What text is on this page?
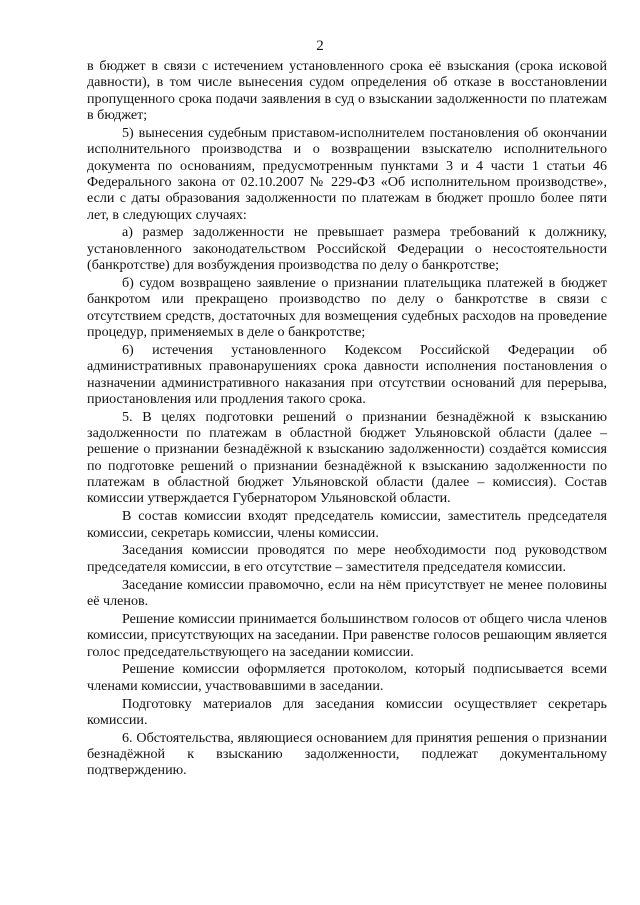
2

в бюджет в связи с истечением установленного срока её взыскания (срока исковой давности), в том числе вынесения судом определения об отказе в восстановлении пропущенного срока подачи заявления в суд о взыскании задолженности по платежам в бюджет;

5) вынесения судебным приставом-исполнителем постановления об окончании исполнительного производства и о возвращении взыскателю исполнительного документа по основаниям, предусмотренным пунктами 3 и 4 части 1 статьи 46 Федерального закона от 02.10.2007 № 229-ФЗ «Об исполнительном производстве», если с даты образования задолженности по платежам в бюджет прошло более пяти лет, в следующих случаях:

а) размер задолженности не превышает размера требований к должнику, установленного законодательством Российской Федерации о несостоятельности (банкротстве) для возбуждения производства по делу о банкротстве;

б) судом возвращено заявление о признании плательщика платежей в бюджет банкротом или прекращено производство по делу о банкротстве в связи с отсутствием средств, достаточных для возмещения судебных расходов на проведение процедур, применяемых в деле о банкротстве;

6) истечения установленного Кодексом Российской Федерации об административных правонарушениях срока давности исполнения постановления о назначении административного наказания при отсутствии оснований для перерыва, приостановления или продления такого срока.

5. В целях подготовки решений о признании безнадёжной к взысканию задолженности по платежам в областной бюджет Ульяновской области (далее – решение о признании безнадёжной к взысканию задолженности) создаётся комиссия по подготовке решений о признании безнадёжной к взысканию задолженности по платежам в областной бюджет Ульяновской области (далее – комиссия). Состав комиссии утверждается Губернатором Ульяновской области.

В состав комиссии входят председатель комиссии, заместитель председателя комиссии, секретарь комиссии, члены комиссии.

Заседания комиссии проводятся по мере необходимости под руководством председателя комиссии, в его отсутствие – заместителя председателя комиссии.

Заседание комиссии правомочно, если на нём присутствует не менее половины её членов.

Решение комиссии принимается большинством голосов от общего числа членов комиссии, присутствующих на заседании. При равенстве голосов решающим является голос председательствующего на заседании комиссии.

Решение комиссии оформляется протоколом, который подписывается всеми членами комиссии, участвовавшими в заседании.

Подготовку материалов для заседания комиссии осуществляет секретарь комиссии.

6. Обстоятельства, являющиеся основанием для принятия решения о признании безнадёжной к взысканию задолженности, подлежат документальному подтверждению.
